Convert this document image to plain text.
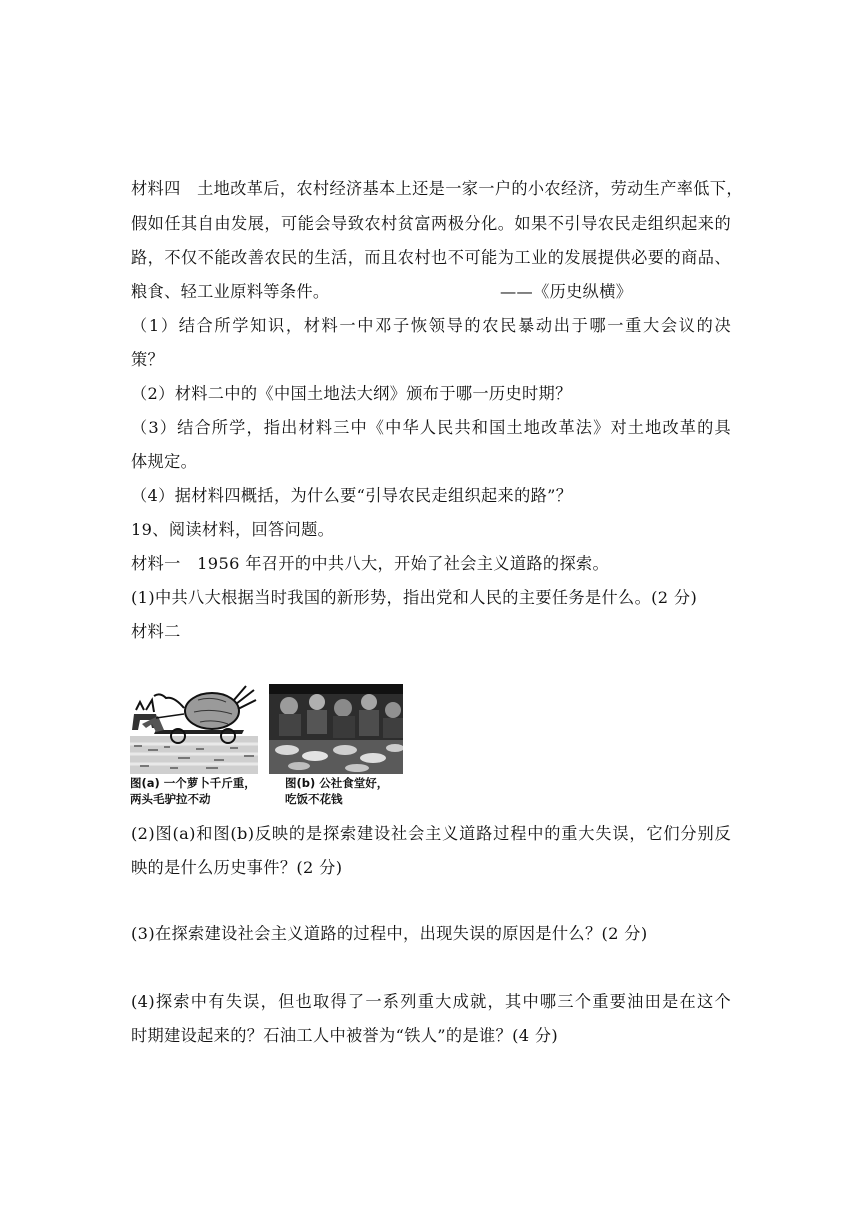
材料四　土地改革后，农村经济基本上还是一家一户的小农经济，劳动生产率低下，
假如任其自由发展，可能会导致农村贫富两极分化。如果不引导农民走组织起来的
路，不仅不能改善农民的生活，而且农村也不可能为工业的发展提供必要的商品、
粮食、轻工业原料等条件。	——《历史纵横》
（1）结合所学知识，材料一中邓子恢领导的农民暴动出于哪一重大会议的决
策？
（2）材料二中的《中国土地法大纲》颁布于哪一历史时期？
（3）结合所学，指出材料三中《中华人民共和国土地改革法》对土地改革的具
体规定。
（4）据材料四概括，为什么要“引导农民走组织起来的路”？
19、阅读材料，回答问题。
材料一　1956 年召开的中共八大，开始了社会主义道路的探索。
(1)中共八大根据当时我国的新形势，指出党和人民的主要任务是什么。(2 分)
材料二
图(a) 一个萝卜千斤重，
两头毛驴拉不动
图(b) 公社食堂好，
吃饭不花钱
(2)图(a)和图(b)反映的是探索建设社会主义道路过程中的重大失误，它们分别反
映的是什么历史事件？(2 分)
(3)在探索建设社会主义道路的过程中，出现失误的原因是什么？(2 分)
(4)探索中有失误，但也取得了一系列重大成就，其中哪三个重要油田是在这个
时期建设起来的？石油工人中被誉为“铁人”的是谁？(4 分)
